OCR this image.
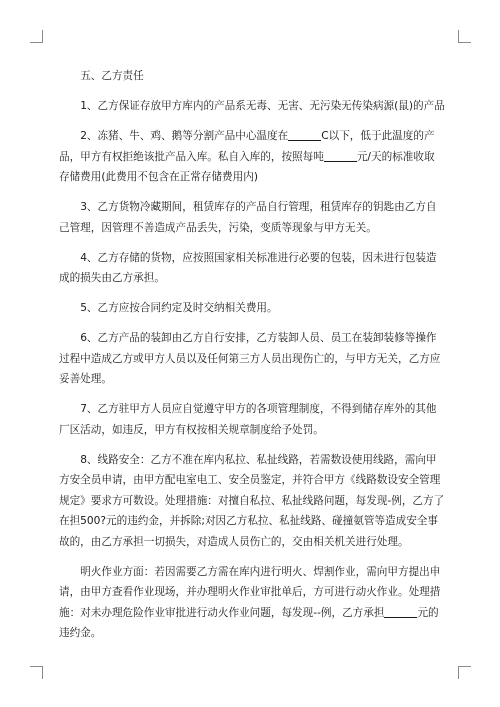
五、乙方责任

1、乙方保证存放甲方库内的产品系无毒、无害、无污染无传染病源(鼠)的产品

2、冻猪、牛、鸡、鹅等分割产品中心温度在	C以下，低于此温度的产品，甲方有权拒绝该批产品入库。私自入库的，按照每吨	元/天的标准收取存储费用(此费用不包含在正常存储费用内)

3、乙方货物冷藏期间，租赁库存的产品自行管理，租赁库存的钥匙由乙方自己管理，因管理不善造成产品丢失，污染，变质等现象与甲方无关。

4、乙方存储的货物，应按照国家相关标准进行必要的包装，因未进行包装造成的损失由乙方承担。

5、乙方应按合同约定及时交纳相关费用。

6、乙方产品的装卸由乙方自行安排，乙方装卸人员、员工在装卸装修等操作过程中造成乙方或甲方人员以及任何第三方人员出现伤亡的，与甲方无关，乙方应妥善处理。

7、乙方驻甲方人员应自觉遵守甲方的各项管理制度，不得到储存库外的其他厂区活动，如违反，甲方有权按相关规章制度给予处罚。

8、线路安全：乙方不准在库内私拉、私扯线路，若需数设使用线路，需向甲方安全员申请，由甲方配电室电工、安全员鉴定，并符合甲方《线路数设安全管理规定》要求方可数设。处理措施：对擅自私拉、私扯线路问题，每发现-例，乙方了在担500?元的违约金，并拆除;对因乙方私拉、私扯线路、碰撞氨管等造成安全事故的，由乙方承担一切损失，对造成人员伤亡的，交由相关机关进行处理。

明火作业方面：若因需要乙方需在库内进行明火、焊割作业，需向甲方提出申请，由甲方查看作业现场，并办理明火作业审批单后，方可进行动火作业。处理措施：对未办理危险作业审批进行动火作业问题，每发现--例，乙方承担	元的违约金。
